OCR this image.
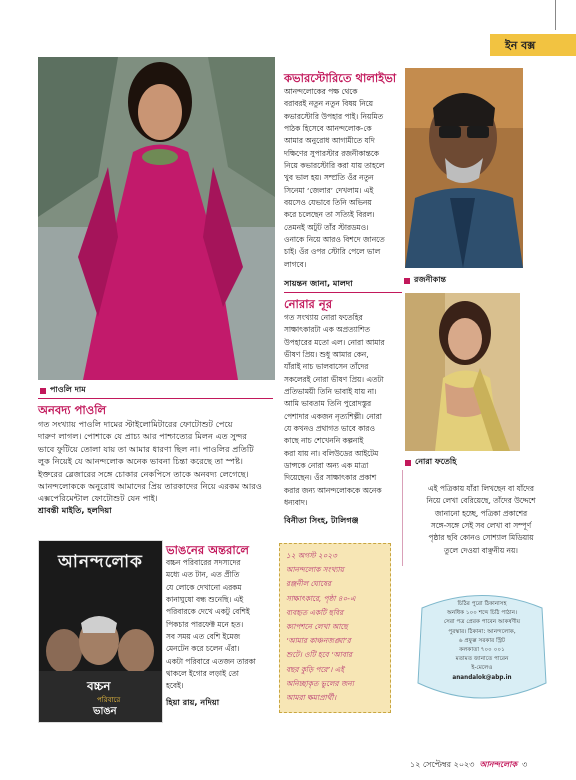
ইন বক্স
পাওলি দাম
অনবদ্য পাওলি
গত সংখ্যায় পাওলি দামের স্টাইলোমিটারের ফোটোশুট পেয়ে
দারুণ লাগল। পোশাকে যে প্রাচ্য আর পাশ্চাত্যের মিলন এত সুন্দর
ভাবে ফুটিয়ে তোলা যায় তা আমার ধারণা ছিল না। পাওলির প্রতিটি
লুক নিয়েই যে আনন্দলোক অনেক ভাবনা চিন্তা করেছে তা স্পষ্ট।
ইক্তরের ব্লেজারের সঙ্গে চোকার নেকপিসে তাকে অনবদ্য লেগেছে।
আনন্দলোককে অনুরোধ আমাদের প্রিয় তারকাদের নিয়ে এরকম আরও
এক্সপেরিমেন্টাল ফোটোশুট যেন পাই।
শ্রাবন্তী মাইতি, হলদিয়া
কভারস্টোরিতে থালাইভা
আনন্দলোকের পক্ষ থেকে
বরাবরই নতুন নতুন বিষয় নিয়ে
কভারস্টোরি উপহার পাই। নিয়মিত
পাঠক হিসেবে আনন্দলোক-কে
আমার অনুরোধ আগামীতে যদি
দক্ষিণের সুপারস্টার রজনীকান্তকে
নিয়ে কভারস্টোরি করা যায় তাহলে
খুব ভাল হয়। সম্প্রতি ওঁর নতুন
সিনেমা ‘জেলার’ দেখলাম। এই
বয়সেও যেভাবে তিনি অভিনয়
করে চলেছেন তা সত্যিই বিরল।
তেমনই অটুট তাঁর স্টারডমও।
ওনাকে নিয়ে আরও বিশদে জানতে
চাই। ওঁর ওপর স্টোরি পেলে ভাল
লাগবে।
সায়ন্তন জানা, মালদা	রজনীকান্ত
নোরার নূর
গত সংখ্যায় নোরা ফতেহির
সাক্ষাৎকারটা এক অপ্রত্যাশিত
উপহারের মতো এল। নোরা আমার
ভীষণ প্রিয়। শুধু আমার কেন,
যাঁরাই নাচ ভালবাসেন তাঁদের
সকলেরই নোরা ভীষণ প্রিয়। এতটা
প্রতিভাময়ী তিনি ভাবাই যায় না।
আমি ভাবতাম তিনি পুরোদস্তুর
পেশাদার একজন নৃত্যশিল্পী। নোরা
যে কখনও প্রথাগত ভাবে কারও
কাছে নাচ শেখেননি কল্পনাই
করা যায় না। বলিউডের আইটেম
ডান্সকে নোরা অন্য এক মাত্রা
দিয়েছেন। ওঁর সাক্ষাৎকার প্রকাশ
করার জন্য আনন্দলোককে অনেক
ধন্যবাদ।
বিনীতা সিংহ, টালিগঞ্জ
নোরা ফতেহি
এই পত্রিকায় যাঁরা লিখছেন বা যাঁদের
নিয়ে লেখা বেরিয়েছে, তাঁদের উদ্দেশে
জানানো হচ্ছে, পত্রিকা প্রকাশের
সঙ্গে-সঙ্গে সেই সব লেখা বা সম্পূর্ণ
পৃষ্ঠার ছবি কোনও সোশ্যাল মিডিয়ায়
তুলে দেওয়া বাঞ্ছনীয় নয়।
আনন্দলোক
বচ্চন
পরিবারে
ভাঙন
ভাঙনের অন্তরালে
বচ্চন পরিবারের সদস্যদের
মধ্যে এত টান, এত প্রীতি
যে লোকে দেখানো এরকম
কানাঘুষো বন্ধ শুনেছি। এই
পরিবারকে দেখে একটু বেশিই
পিকচার পারফেক্ট মনে হত।
সব সময় এত বেশি ইমেজ
মেনটেন করে চলেন এঁরা।
একটা পরিবারে এতজন তারকা
থাকলে ইগোর লড়াই তো
হবেই।
হিয়া রায়, নদিয়া
১২ অগস্ট ২০২৩
আনন্দলোক সংখ্যায়
রঞ্জনীল ঘোষের
সাক্ষাৎকারে, পৃষ্ঠা ৪০-এ
ব্যবহৃত একটি ছবির
ক্যাপশনে লেখা আছে
‘আমার কাঞ্চনজঙ্ঘা’র
শুটে। ওটি হবে ‘আবার
বছর কুড়ি পরে’। এই
অনিচ্ছাকৃত ভুলের জন্য
আমরা ক্ষমাপ্রার্থী।
চিঠির পুরো ঠিকানাসহ
অনধিক ১০০ শব্দে চিঠি পাঠান।
সেরা পত্র প্রেরক পাবেন আকর্ষণীয়
পুরস্কার। ঠিকানা: আনন্দলোক,
৬ প্রফুল্ল সরকার স্ট্রিট
কলকাতা ৭০০ ০০১
মতামত জানাতে পারেন
ই-মেলেও
anandalok@abp.in
১২ সেপ্টেম্বর ২০২৩ আনন্দলোক ৩
